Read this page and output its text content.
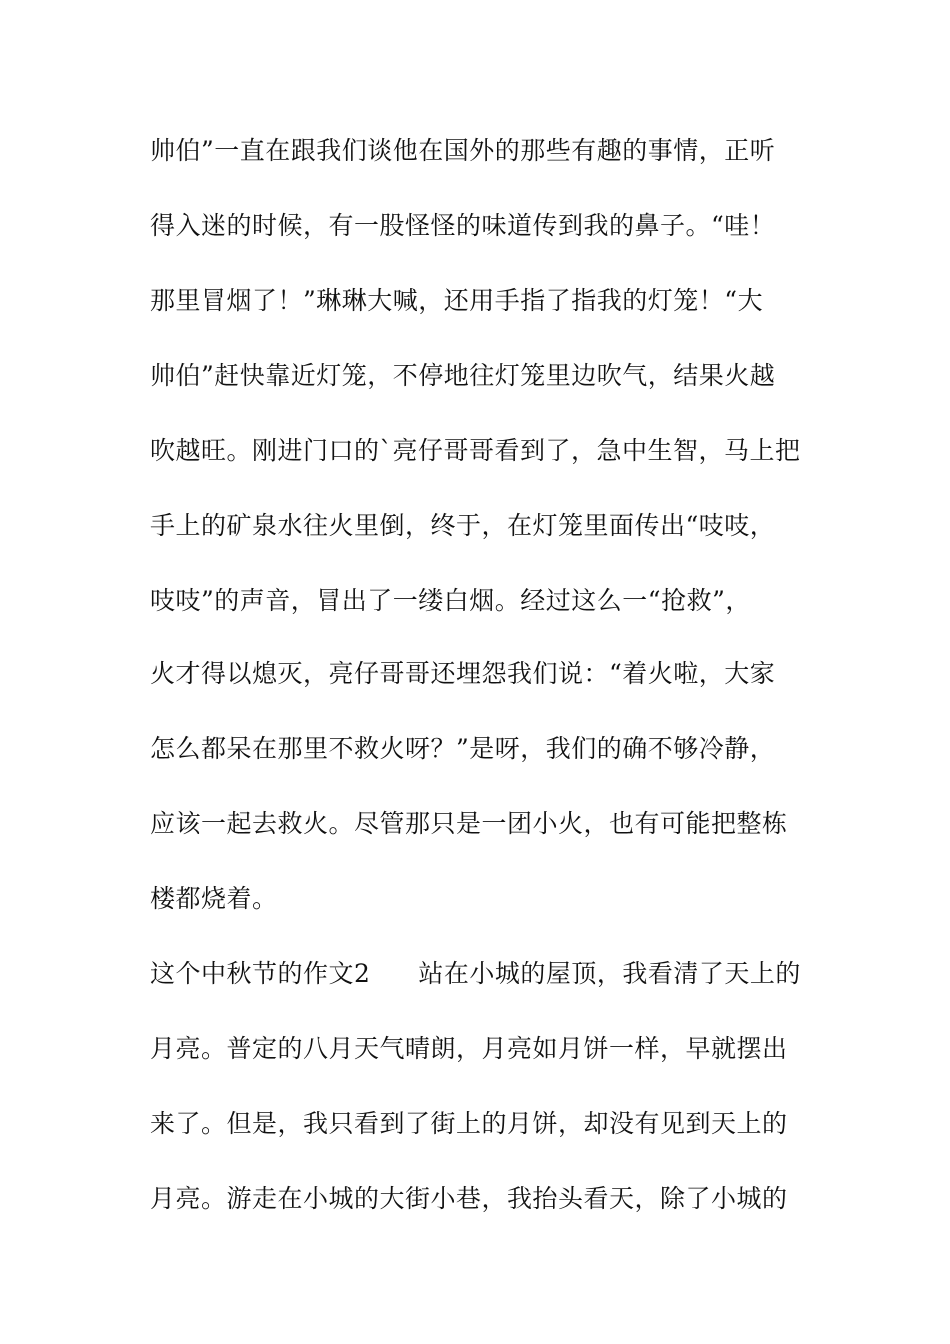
帅伯”一直在跟我们谈他在国外的那些有趣的事情，正听
得入迷的时候，有一股怪怪的味道传到我的鼻子。“哇！
那里冒烟了！”琳琳大喊，还用手指了指我的灯笼！“大
帅伯”赶快靠近灯笼，不停地往灯笼里边吹气，结果火越
吹越旺。刚进门口的`亮仔哥哥看到了，急中生智，马上把
手上的矿泉水往火里倒，终于，在灯笼里面传出“吱吱，
吱吱”的声音，冒出了一缕白烟。经过这么一“抢救”，
火才得以熄灭，亮仔哥哥还埋怨我们说：“着火啦，大家
怎么都呆在那里不救火呀？”是呀，我们的确不够冷静，
应该一起去救火。尽管那只是一团小火，也有可能把整栋
楼都烧着。
这个中秋节的作文2 站在小城的屋顶，我看清了天上的
月亮。普定的八月天气晴朗，月亮如月饼一样，早就摆出
来了。但是，我只看到了街上的月饼，却没有见到天上的
月亮。游走在小城的大街小巷，我抬头看天，除了小城的
